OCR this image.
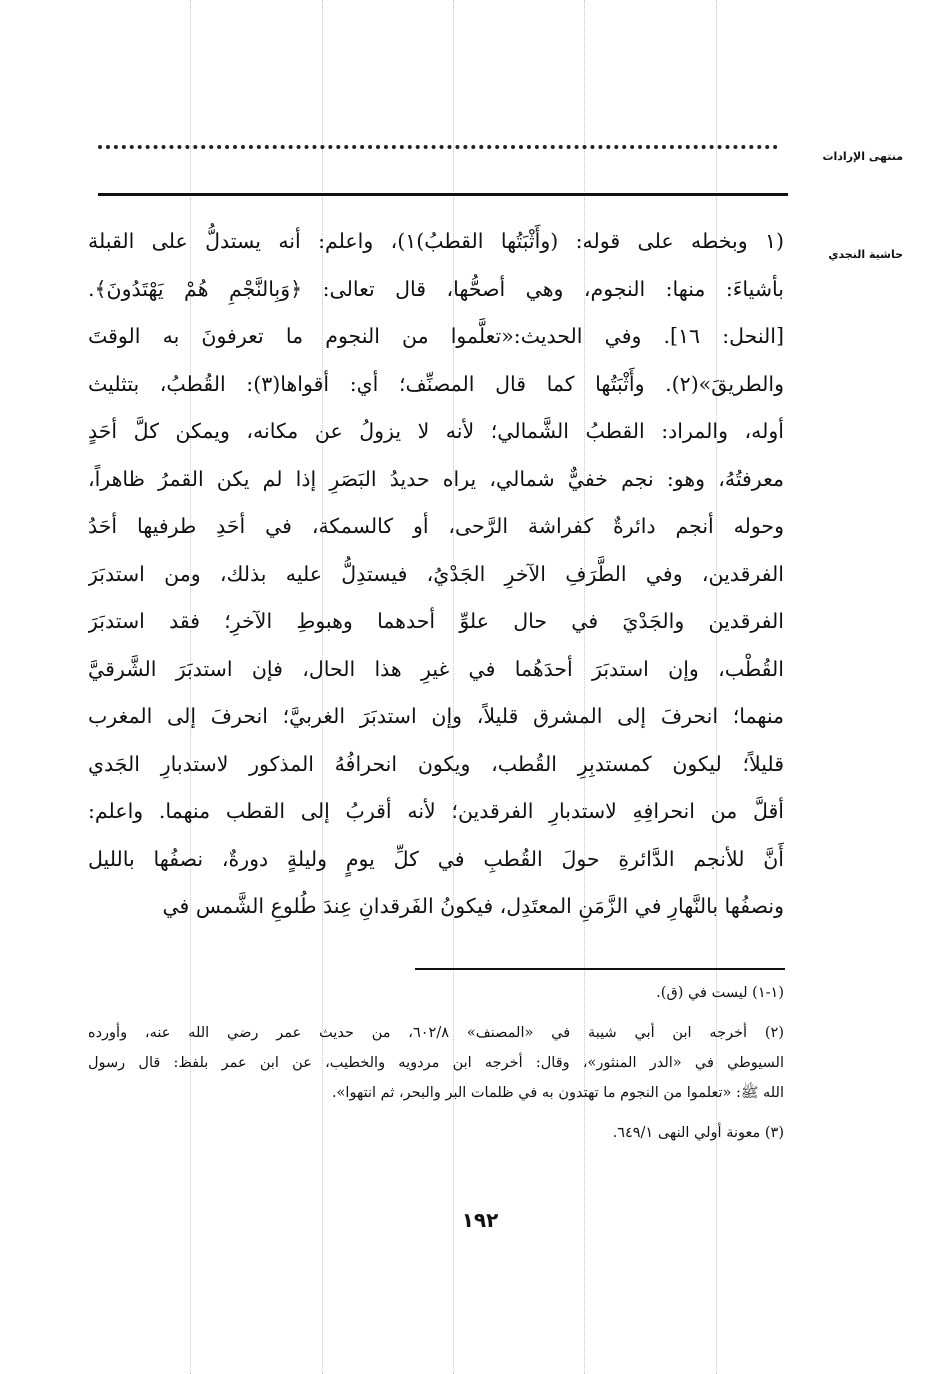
منتهى الإرادات
حاشية النجدي
(١ وبخطه على قوله: (وأَثْبَتُها القطبُ)١)، واعلم: أنه يستدلُّ على القبلة
بأشياءَ: منها: النجوم، وهي أصحُّها، قال تعالى: ﴿وَبِالنَّجْمِ هُمْ يَهْتَدُونَ﴾.
[النحل: ١٦]. وفي الحديث:«تعلَّموا من النجوم ما تعرفونَ به الوقتَ
والطريقَ»(٢). وأَثْبَتُها كما قال المصنِّف؛ أي: أقواها(٣): القُطبُ، بتثليث
أوله، والمراد: القطبُ الشَّمالي؛ لأنه لا يزولُ عن مكانه، ويمكن كلَّ أحَدٍ
معرفتُهُ، وهو: نجم خفيٌّ شمالي، يراه حديدُ البَصَرِ إذا لم يكن القمرُ ظاهراً،
وحوله أنجم دائرةٌ كفراشة الرَّحى، أو كالسمكة، في أحَدِ طرفيها أحَدُ
الفرقدين، وفي الطَّرَفِ الآخرِ الجَدْيُ، فيستدِلُّ عليه بذلك، ومن استدبَرَ
الفرقدين والجَدْيَ في حال علوِّ أحدهما وهبوطِ الآخرِ؛ فقد استدبَرَ
القُطْب، وإن استدبَرَ أحدَهُما في غيرِ هذا الحال، فإن استدبَرَ الشَّرقيَّ
منهما؛ انحرفَ إلى المشرق قليلاً، وإن استدبَرَ الغربيَّ؛ انحرفَ إلى المغرب
قليلاً؛ ليكون كمستدبِرِ القُطب، ويكون انحرافُهُ المذكور لاستدبارِ الجَدي
أقلَّ من انحرافِهِ لاستدبارِ الفرقدين؛ لأنه أقربُ إلى القطب منهما. واعلم:
أَنَّ للأنجم الدَّائرةِ حولَ القُطبِ في كلِّ يومٍ وليلةٍ دورةٌ، نصفُها بالليل
ونصفُها بالنَّهارِ في الزَّمَنِ المعتَدِل، فيكونُ الفَرقدانِ عِندَ طُلوعِ الشَّمس في
(١-١) ليست في (ق).
(٢) أخرجه ابن أبي شيبة في «المصنف» ٦٠٢/٨، من حديث عمر رضي الله عنه، وأورده
السيوطي في «الدر المنثور»، وقال: أخرجه ابن مردويه والخطيب، عن ابن عمر بلفظ: قال رسول
الله ﷺ: «تعلموا من النجوم ما تهتدون به في ظلمات البر والبحر، ثم انتهوا».
(٣) معونة أولي النهى ٦٤٩/١.
١٩٢
